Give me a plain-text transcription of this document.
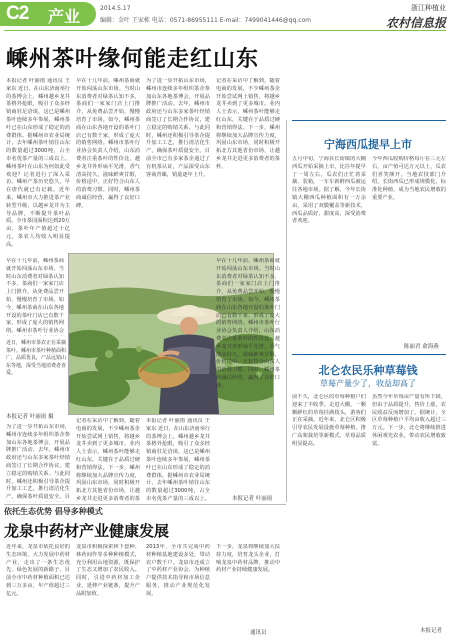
C2 产业	2014.5.17
编辑：金叶 王家栋 电话：0571-86955111 E-mail：7499041446@qq.com
浙江种植业
农村信息报
嵊州茶叶缘何能走红山东
本报记者 叶丽雨 通讯员 王家东 近日，在山东济南举行的茶博会上，嵊州越乡龙井茶格外抢眼，吸引了众多经销商驻足洽谈。这已是嵊州茶叶连续多年参展，嵊州茶叶已在山东形成了稳定的消费群体。据嵊州市农业局统计，去年嵊州茶叶销往山东的数量超过3000吨，占全市名优茶产量的三成以上。嵊州茶叶在山东为何如此受欢迎？记者进行了深入采访。嵊州产茶历史悠久，早在唐代就已有记载。近年来，嵊州市大力推进茶产业转型升级，以越乡龙井为主导品牌，不断提升茶叶品质。全市茶园面积达到20万亩，茶叶年产值超过十亿元，茶农人均收入明显提高。
早在十几年前，嵊州茶商就开始闯荡山东市场。当时山东消费者对绿茶认知不多，茶商们一家家门店上门推介，从免费品尝开始，慢慢培育了市场。如今，嵊州茶商在山东各地开设的茶叶门店已有数千家，形成了庞大的销售网络。嵊州市茶叶行业协会负责人介绍，山东消费者注重茶叶的性价比，越乡龙井外形扁平光滑，香气清高持久，滋味鲜爽甘醇，价格适中，正好符合山东人的消费习惯。同时，嵊州茶商诚信经营，赢得了良好口碑。
为了进一步开拓山东市场，嵊州市连续多年组织茶企参加山东各地茶博会，开展品牌推广活动。去年，嵊州市政府还与山东多家茶叶经销商签订了长期合作协议，建立稳定的购销关系。与此同时，嵊州还积极引导茶企提升加工工艺，推行清洁化生产，确保茶叶质量安全。目前全市已有多家茶企通过了有机茶认证，产品深受山东客商青睐，销量逐年上升。
记者在采访中了解到，随着电商的发展，不少嵊州茶企开始尝试网上销售，将越乡龙井卖到了更多城市。业内人士表示，嵊州茶叶能够走红山东，关键在于品质过硬和营销得法。下一步，嵊州将继续加大品牌宣传力度，巩固山东市场，同时积极开拓北方其他省份市场，让越乡龙井走进更多消费者的茶杯。
早在十几年前，嵊州茶商就开始闯荡山东市场。当时山东消费者对绿茶认知不多，茶商们一家家门店上门推介，从免费品尝开始，慢慢培育了市场。如今，嵊州茶商在山东各地开设的茶叶门店已有数千家，形成了庞大的销售网络。嵊州市茶叶行业协会
近日，嵊州市茶农正在采摘茶叶。嵊州市茶叶种植面积广，品质优良，产品远销山东等地，深受当地消费者喜爱。
本报记者 叶丽雨 摄
为了进一步开拓山东市场，嵊州市连续多年组织茶企参加山东各地茶博会，开展品牌推广活动。去年，嵊州市政府还与山东多家茶叶经销商签订了长期合作协议，建立稳定的购销关系。与此同时，嵊州还积极引导茶企提升加工工艺，推行清洁化生产，确保茶叶质量安全。目
记者在采访中了解到，随着电商的发展，不少嵊州茶企开始尝试网上销售，将越乡龙井卖到了更多城市。业内人士表示，嵊州茶叶能够走红山东，关键在于品质过硬和营销得法。下一步，嵊州将继续加大品牌宣传力度，巩固山东市场，同时积极开拓北方其他省份市场，让越乡龙井走进更多消费者的茶
本报记者 叶丽雨 通讯员 王家东 近日，在山东济南举行的茶博会上，嵊州越乡龙井茶格外抢眼，吸引了众多经销商驻足洽谈。这已是嵊州茶叶连续多年参展，嵊州茶叶已在山东形成了稳定的消费群体。据嵊州市农业局统计，去年嵊州茶叶销往山东的数量超过3000吨，占全市名优茶产量的三成以上。
早在十几年前，嵊州茶商就开始闯荡山东市场。当时山东消费者对绿茶认知不多，茶商们一家家门店上门推介，从免费品尝开始，慢慢培育了市场。如今，嵊州茶商在山东各地开设的茶叶门店已有数千家，形成了庞大的销售网络。嵊州市茶叶行业协会负责人介绍，山东消费者注重茶叶的性价比，越乡龙井外形扁平光滑，香气清高持久，滋味鲜爽甘醇，价格适中，正好符合山东人的消费习惯。同时，嵊州茶商诚信经营，赢得了良好口碑。
本报记者 叶丽雨
宁海西瓜提早上市
五月中旬，宁海县长街镇的大棚西瓜开始采摘上市，比往年提早了一周左右。瓜农们正忙着采摘、装箱，一车车新鲜西瓜被运往各地市场。据了解，今年长街镇大棚西瓜种植面积有一万余亩，采用了双膜覆盖等新技术，西瓜品质好、甜度高，深受消费者欢迎。
今年西瓜收购价格每斤在三元左右，亩产值可达万元以上，瓜农们喜笑颜开。当地农技部门介绍，长街西瓜已形成规模化、标准化种植，成为当地农民增收的重要产业。
陈丽君 俞海燕
北仑农民乐种草莓钱
草莓产量少了，收益却高了
前不久，北仑区的草莓种植户们迎来了丰收季。走进大棚，一颗颗鲜红的草莓挂满枝头，游客们正在采摘。近年来，北仑区积极引导农民发展设施草莓种植，推广高架栽培等新模式，草莓品质明显提高。
虽然今年草莓亩产量有所下降，但由于品质提升，售价上涨，农民收益反而增加了。据统计，全区草莓种植户平均亩收入超过三万元。下一步，北仑将继续推进休闲观光农业，带动农民增收致富。
本报记者
依托生态优势 倡导多种模式
龙泉中药材产业健康发展
近年来，龙泉市依托良好的生态环境，大力发展中药材产业，走出了一条生态优先、绿色发展的新路子。目前全市中药材种植面积已达到三万多亩，年产值超过三亿元。
龙泉市积极探索林下套种、林药间作等多种种植模式，充分利用山地资源，既保护了生态又增加了农民收入。同时，引进中药材加工企业，延伸产业链条，提升产品附加值。
2013年，全市共完成中药材种植基地建设多处，带动农户数千户。龙泉市还成立了中药材产业协会，为种植户提供技术指导和市场信息服务，推动产业规范化发展。
下一步，龙泉将继续加大扶持力度，培育龙头企业，打响龙泉中药材品牌，推动中药材产业持续健康发展。
通讯员
